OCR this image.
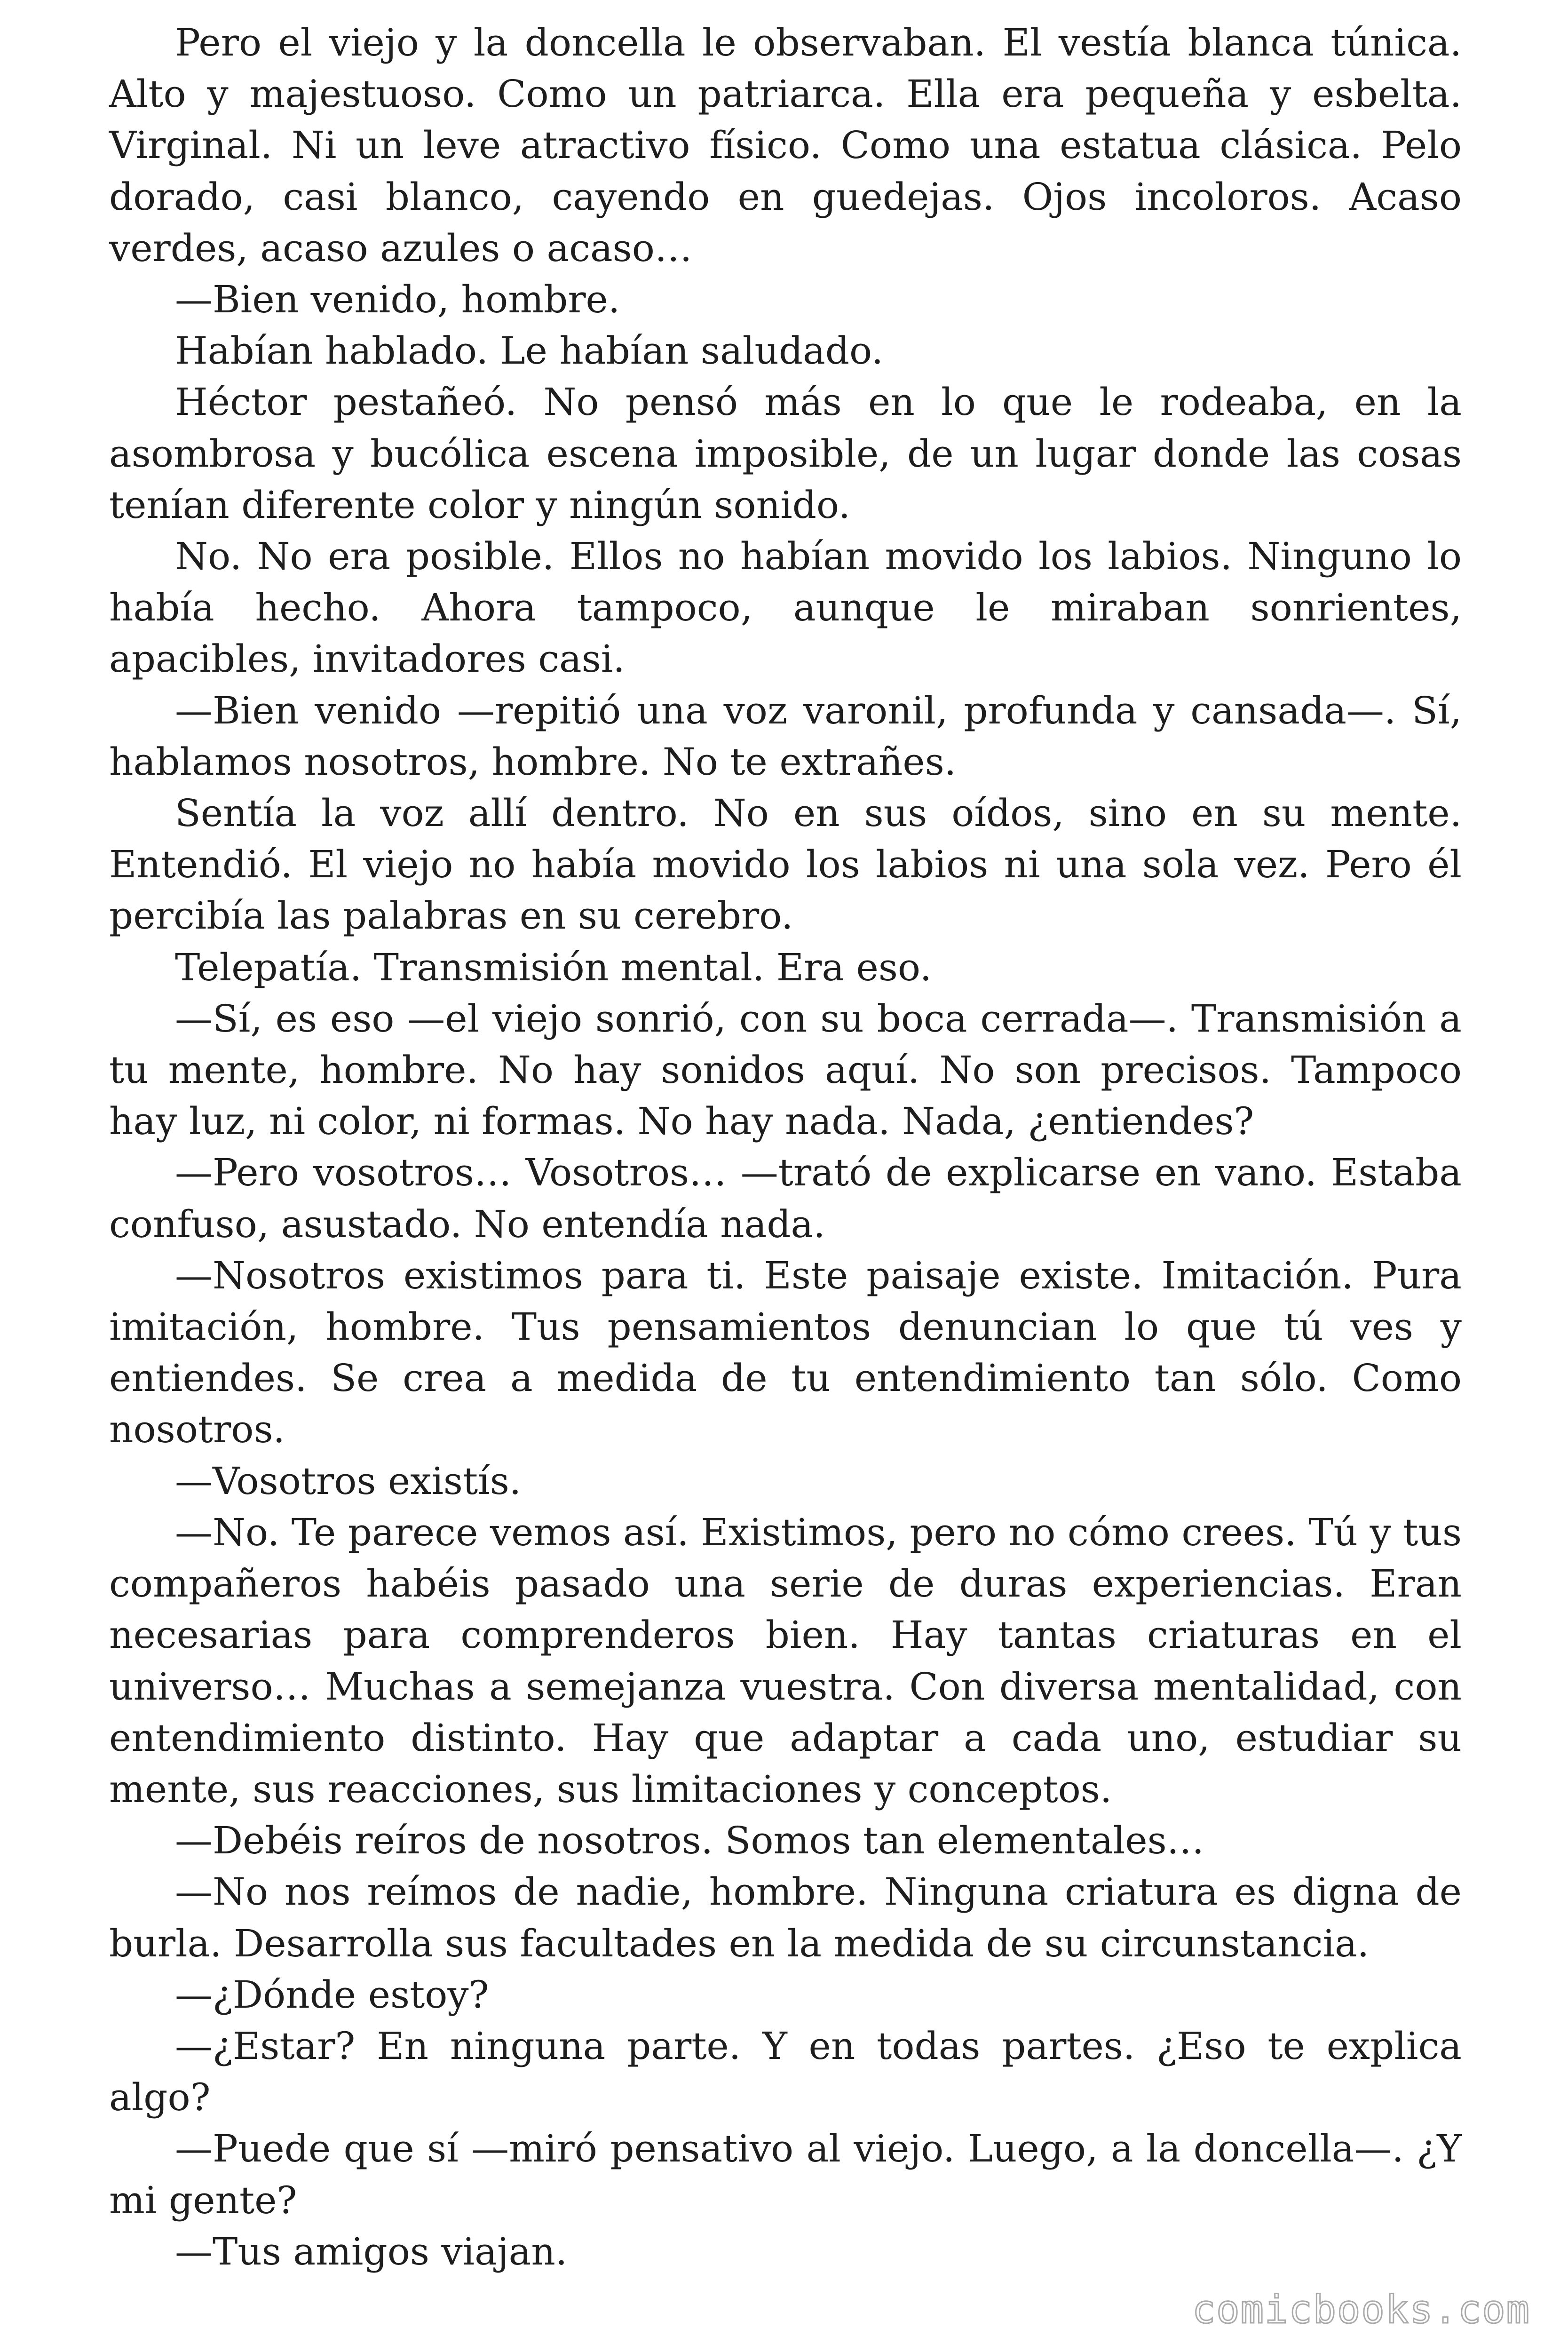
Pero el viejo y la doncella le observaban. El vestía blanca túnica. Alto y majestuoso. Como un patriarca. Ella era pequeña y esbelta. Virginal. Ni un leve atractivo físico. Como una estatua clásica. Pelo dorado, casi blanco, cayendo en guedejas. Ojos incoloros. Acaso verdes, acaso azules o acaso…

—Bien venido, hombre.

Habían hablado. Le habían saludado.

Héctor pestañeó. No pensó más en lo que le rodeaba, en la asombrosa y bucólica escena imposible, de un lugar donde las cosas tenían diferente color y ningún sonido.

No. No era posible. Ellos no habían movido los labios. Ninguno lo había hecho. Ahora tampoco, aunque le miraban sonrientes, apacibles, invitadores casi.

—Bien venido —repitió una voz varonil, profunda y cansada—. Sí, hablamos nosotros, hombre. No te extrañes.

Sentía la voz allí dentro. No en sus oídos, sino en su mente. Entendió. El viejo no había movido los labios ni una sola vez. Pero él percibía las palabras en su cerebro.

Telepatía. Transmisión mental. Era eso.

—Sí, es eso —el viejo sonrió, con su boca cerrada—. Transmisión a tu mente, hombre. No hay sonidos aquí. No son precisos. Tampoco hay luz, ni color, ni formas. No hay nada. Nada, ¿entiendes?

—Pero vosotros… Vosotros… —trató de explicarse en vano. Estaba confuso, asustado. No entendía nada.

—Nosotros existimos para ti. Este paisaje existe. Imitación. Pura imitación, hombre. Tus pensamientos denuncian lo que tú ves y entiendes. Se crea a medida de tu entendimiento tan sólo. Como nosotros.

—Vosotros existís.

—No. Te parece vemos así. Existimos, pero no cómo crees. Tú y tus compañeros habéis pasado una serie de duras experiencias. Eran necesarias para comprenderos bien. Hay tantas criaturas en el universo… Muchas a semejanza vuestra. Con diversa mentalidad, con entendimiento distinto. Hay que adaptar a cada uno, estudiar su mente, sus reacciones, sus limitaciones y conceptos.

—Debéis reíros de nosotros. Somos tan elementales…

—No nos reímos de nadie, hombre. Ninguna criatura es digna de burla. Desarrolla sus facultades en la medida de su circunstancia.

—¿Dónde estoy?

—¿Estar? En ninguna parte. Y en todas partes. ¿Eso te explica algo?

—Puede que sí —miró pensativo al viejo. Luego, a la doncella—. ¿Y mi gente?

—Tus amigos viajan.

comicbooks.com
